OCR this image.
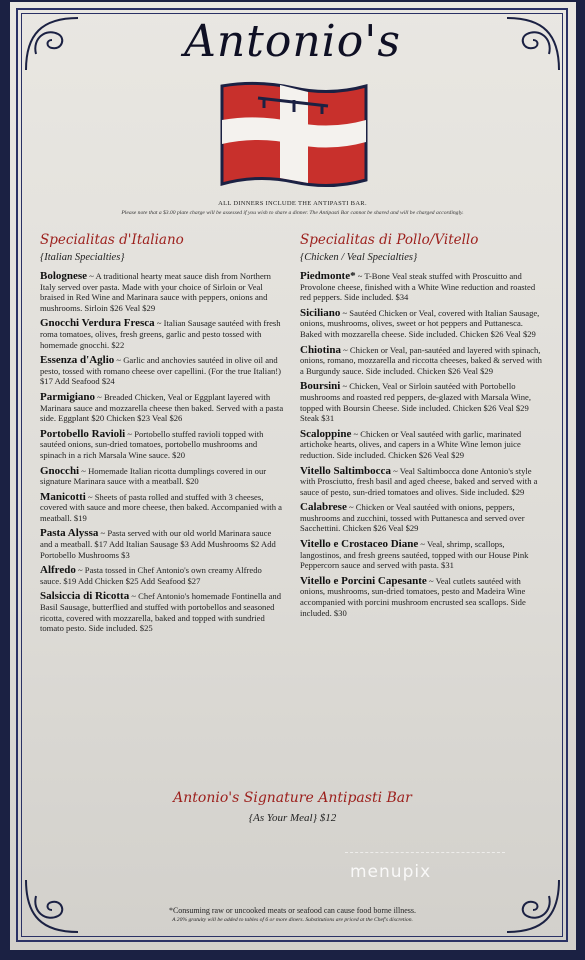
Antonio's
ALL DINNERS INCLUDE THE ANTIPASTI BAR.
Please note that a $3.00 plate charge will be assessed if you wish to share a dinner. The Antipasti Bar cannot be shared and will be charged accordingly.
Specialitas d'Italiano
{Italian Specialties}
Bolognese ~ A traditional hearty meat sauce dish from Northern Italy served over pasta. Made with your choice of Sirloin or Veal braised in Red Wine and Marinara sauce with peppers, onions and mushrooms. Sirloin $26 Veal $29
Gnocchi Verdura Fresca ~ Italian Sausage sautéed with fresh roma tomatoes, olives, fresh greens, garlic and pesto tossed with homemade gnocchi. $22
Essenza d'Aglio ~ Garlic and anchovies sautéed in olive oil and pesto, tossed with romano cheese over capellini. (For the true Italian!) $17 Add Seafood $24
Parmigiano ~ Breaded Chicken, Veal or Eggplant layered with Marinara sauce and mozzarella cheese then baked. Served with a pasta side. Eggplant $20 Chicken $23 Veal $26
Portobello Ravioli ~ Portobello stuffed ravioli topped with sautéed onions, sun-dried tomatoes, portobello mushrooms and spinach in a rich Marsala Wine sauce. $20
Gnocchi ~ Homemade Italian ricotta dumplings covered in our signature Marinara sauce with a meatball. $20
Manicotti ~ Sheets of pasta rolled and stuffed with 3 cheeses, covered with sauce and more cheese, then baked. Accompanied with a meatball. $19
Pasta Alyssa ~ Pasta served with our old world Marinara sauce and a meatball. $17 Add Italian Sausage $3 Add Mushrooms $2 Add Portobello Mushrooms $3
Alfredo ~ Pasta tossed in Chef Antonio's own creamy Alfredo sauce. $19 Add Chicken $25 Add Seafood $27
Salsiccia di Ricotta ~ Chef Antonio's homemade Fontinella and Basil Sausage, butterflied and stuffed with portobellos and seasoned ricotta, covered with mozzarella, baked and topped with sundried tomato pesto. Side included. $25
Specialitas di Pollo/Vitello
{Chicken / Veal Specialties}
Piedmonte* ~ T-Bone Veal steak stuffed with Proscuitto and Provolone cheese, finished with a White Wine reduction and roasted red peppers. Side included. $34
Siciliano ~ Sautéed Chicken or Veal, covered with Italian Sausage, onions, mushrooms, olives, sweet or hot peppers and Puttanesca. Baked with mozzarella cheese. Side included. Chicken $26 Veal $29
Chiotina ~ Chicken or Veal, pan-sautéed and layered with spinach, onions, romano, mozzarella and riccotta cheeses, baked & served with a Burgundy sauce. Side included. Chicken $26 Veal $29
Boursini ~ Chicken, Veal or Sirloin sautéed with Portobello mushrooms and roasted red peppers, de-glazed with Marsala Wine, topped with Boursin Cheese. Side included. Chicken $26 Veal $29 Steak $31
Scaloppine ~ Chicken or Veal sautéed with garlic, marinated artichoke hearts, olives, and capers in a White Wine lemon juice reduction. Side included. Chicken $26 Veal $29
Vitello Saltimbocca ~ Veal Saltimbocca done Antonio's style with Prosciutto, fresh basil and aged cheese, baked and served with a sauce of pesto, sun-dried tomatoes and olives. Side included. $29
Calabrese ~ Chicken or Veal sautéed with onions, peppers, mushrooms and zucchini, tossed with Puttanesca and served over Sacchettini. Chicken $26 Veal $29
Vitello e Crostaceo Diane ~ Veal, shrimp, scallops, langostinos, and fresh greens sautéed, topped with our House Pink Peppercorn sauce and served with pasta. $31
Vitello e Porcini Capesante ~ Veal cutlets sautéed with onions, mushrooms, sun-dried tomatoes, pesto and Madeira Wine accompanied with porcini mushroom encrusted sea scallops. Side included. $30
Antonio's Signature Antipasti Bar
{As Your Meal} $12
menupix
*Consuming raw or uncooked meats or seafood can cause food borne illness.
A 20% gratuity will be added to tables of 6 or more diners. Substitutions are priced at the Chef's discretion.
